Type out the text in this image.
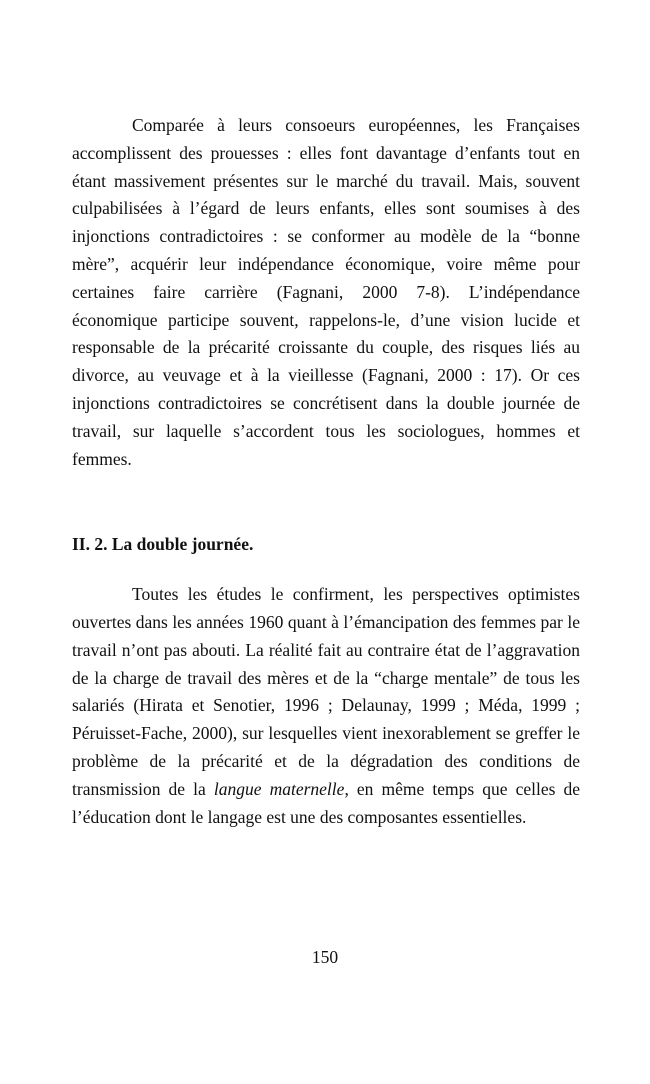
Comparée à leurs consoeurs européennes, les Françaises accomplissent des prouesses : elles font davantage d’enfants tout en étant massivement présentes sur le marché du travail. Mais, souvent culpabilisées à l’égard de leurs enfants, elles sont soumises à des injonctions contradictoires : se conformer au modèle de la “bonne mère”, acquérir leur indépendance économique, voire même pour certaines faire carrière (Fagnani, 2000 7-8). L’indépendance économique participe souvent, rappelons-le, d’une vision lucide et responsable de la précarité croissante du couple, des risques liés au divorce, au veuvage et à la vieillesse (Fagnani, 2000 : 17). Or ces injonctions contradictoires se concrétisent dans la double journée de travail, sur laquelle s’accordent tous les sociologues, hommes et femmes.

II. 2. La double journée.

Toutes les études le confirment, les perspectives optimistes ouvertes dans les années 1960 quant à l’émancipation des femmes par le travail n’ont pas abouti. La réalité fait au contraire état de l’aggravation de la charge de travail des mères et de la “charge mentale” de tous les salariés (Hirata et Senotier, 1996 ; Delaunay, 1999 ; Méda, 1999 ; Péruisset-Fache, 2000), sur lesquelles vient inexorablement se greffer le problème de la précarité et de la dégradation des conditions de transmission de la langue maternelle, en même temps que celles de l’éducation dont le langage est une des composantes essentielles.

150
